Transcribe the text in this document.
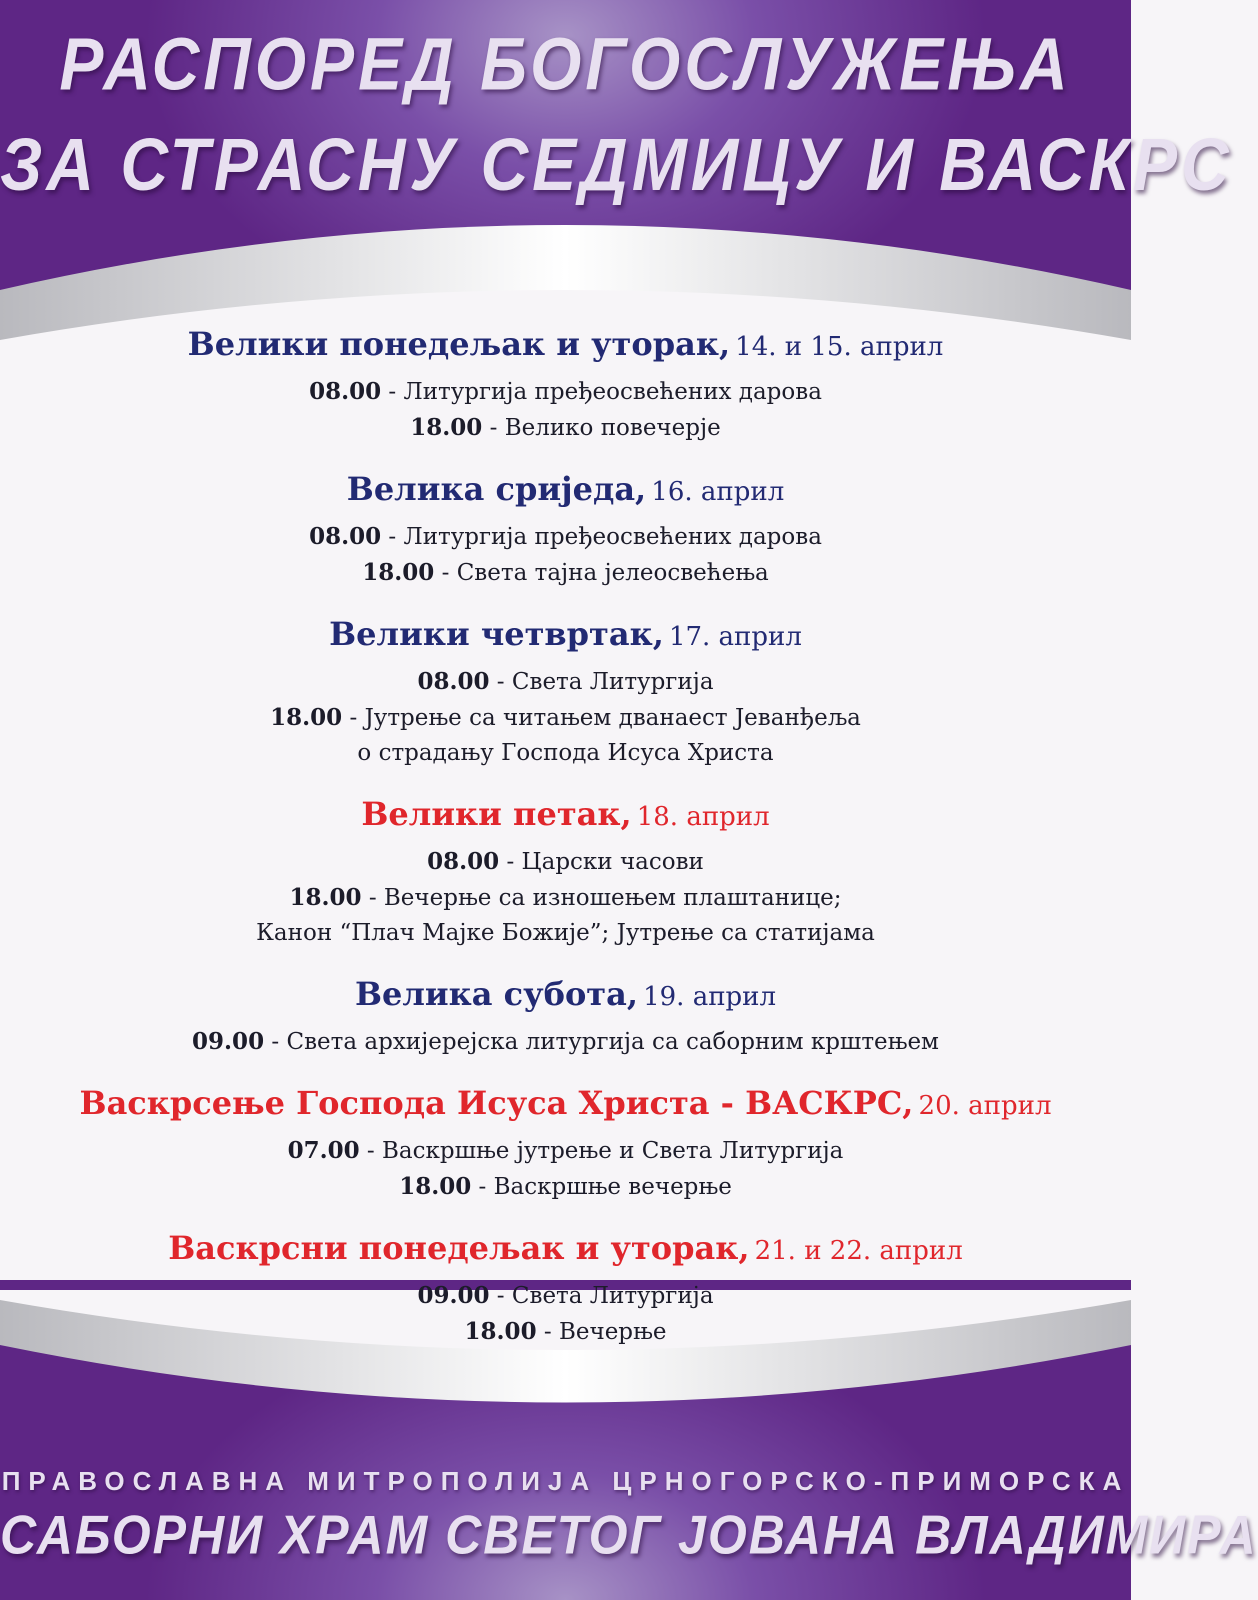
РАСПОРЕД БОГОСЛУЖЕЊА
ЗА СТРАСНУ СЕДМИЦУ И ВАСКРС
Велики понедељак и уторак, 14. и 15. април
08.00 - Литургија пређеосвећених дарова
18.00 - Велико повечерје
Велика сриједа, 16. април
08.00 - Литургија пређеосвећених дарова
18.00 - Света тајна јелеосвећења
Велики четвртак, 17. април
08.00 - Света Литургија
18.00 - Јутрење са читањем дванаест Јеванђеља
о страдању Господа Исуса Христа
Велики петак, 18. април
08.00 - Царски часови
18.00 - Вечерње са изношењем плаштанице;
Канон “Плач Мајке Божије”; Јутрење са статијама
Велика субота, 19. април
09.00 - Света архијерејска литургија са саборним крштењем
Васкрсење Господа Исуса Христа - ВАСКРС, 20. април
07.00 - Васкршње јутрење и Света Литургија
18.00 - Васкршње вечерње
Васкрсни понедељак и уторак, 21. и 22. април
09.00 - Света Литургија
18.00 - Вечерње
ПРАВОСЛАВНА МИТРОПОЛИЈА ЦРНОГОРСКО-ПРИМОРСКА
САБОРНИ ХРАМ СВЕТОГ ЈОВАНА ВЛАДИМИРА
